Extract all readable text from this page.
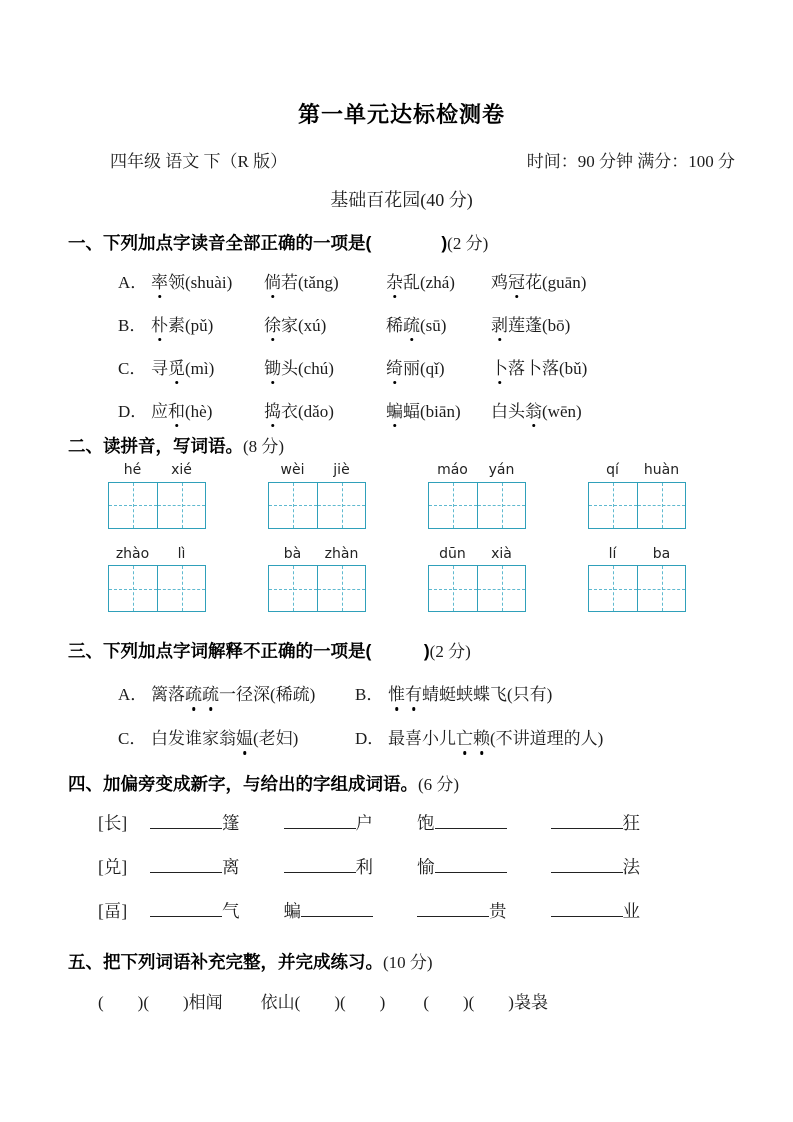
第一单元达标检测卷
四年级 语文 下（R 版）	时间：90 分钟 满分：100 分
基础百花园(40 分)
一、下列加点字读音全部正确的一项是(　　　　)(2 分)
A． 率领(shuài)	倘若(tǎng)	杂乱(zhá)	鸡冠花(guān)
B． 朴素(pǔ)	徐家(xú)	稀疏(sū)	剥莲蓬(bō)
C． 寻觅(mì)	锄头(chú)	绮丽(qǐ)	卜落卜落(bǔ)
D． 应和(hè)	捣衣(dǎo)	蝙蝠(biān)	白头翁(wēn)
二、读拼音，写词语。(8 分)
hé	xié	wèi	jiè	máo	yán	qí	huàn
zhào	lì	bà	zhàn	dūn	xià	lí	ba
三、下列加点字词解释不正确的一项是(　　　)(2 分)
A． 篱落疏疏一径深(稀疏) B． 惟有蜻蜓蛱蝶飞(只有)
C． 白发谁家翁媪(老妇)	D． 最喜小儿亡赖(不讲道理的人)
四、加偏旁变成新字，与给出的字组成词语。(6 分)
[长]	篷	户	饱	狂
[兑]	离	利	愉	法
[畐]	气	蝙	贵	业
五、把下列词语补充完整，并完成练习。(10 分)
(　　)(　　)相闻 依山(　　)(　　) (　　)(　　)袅袅
